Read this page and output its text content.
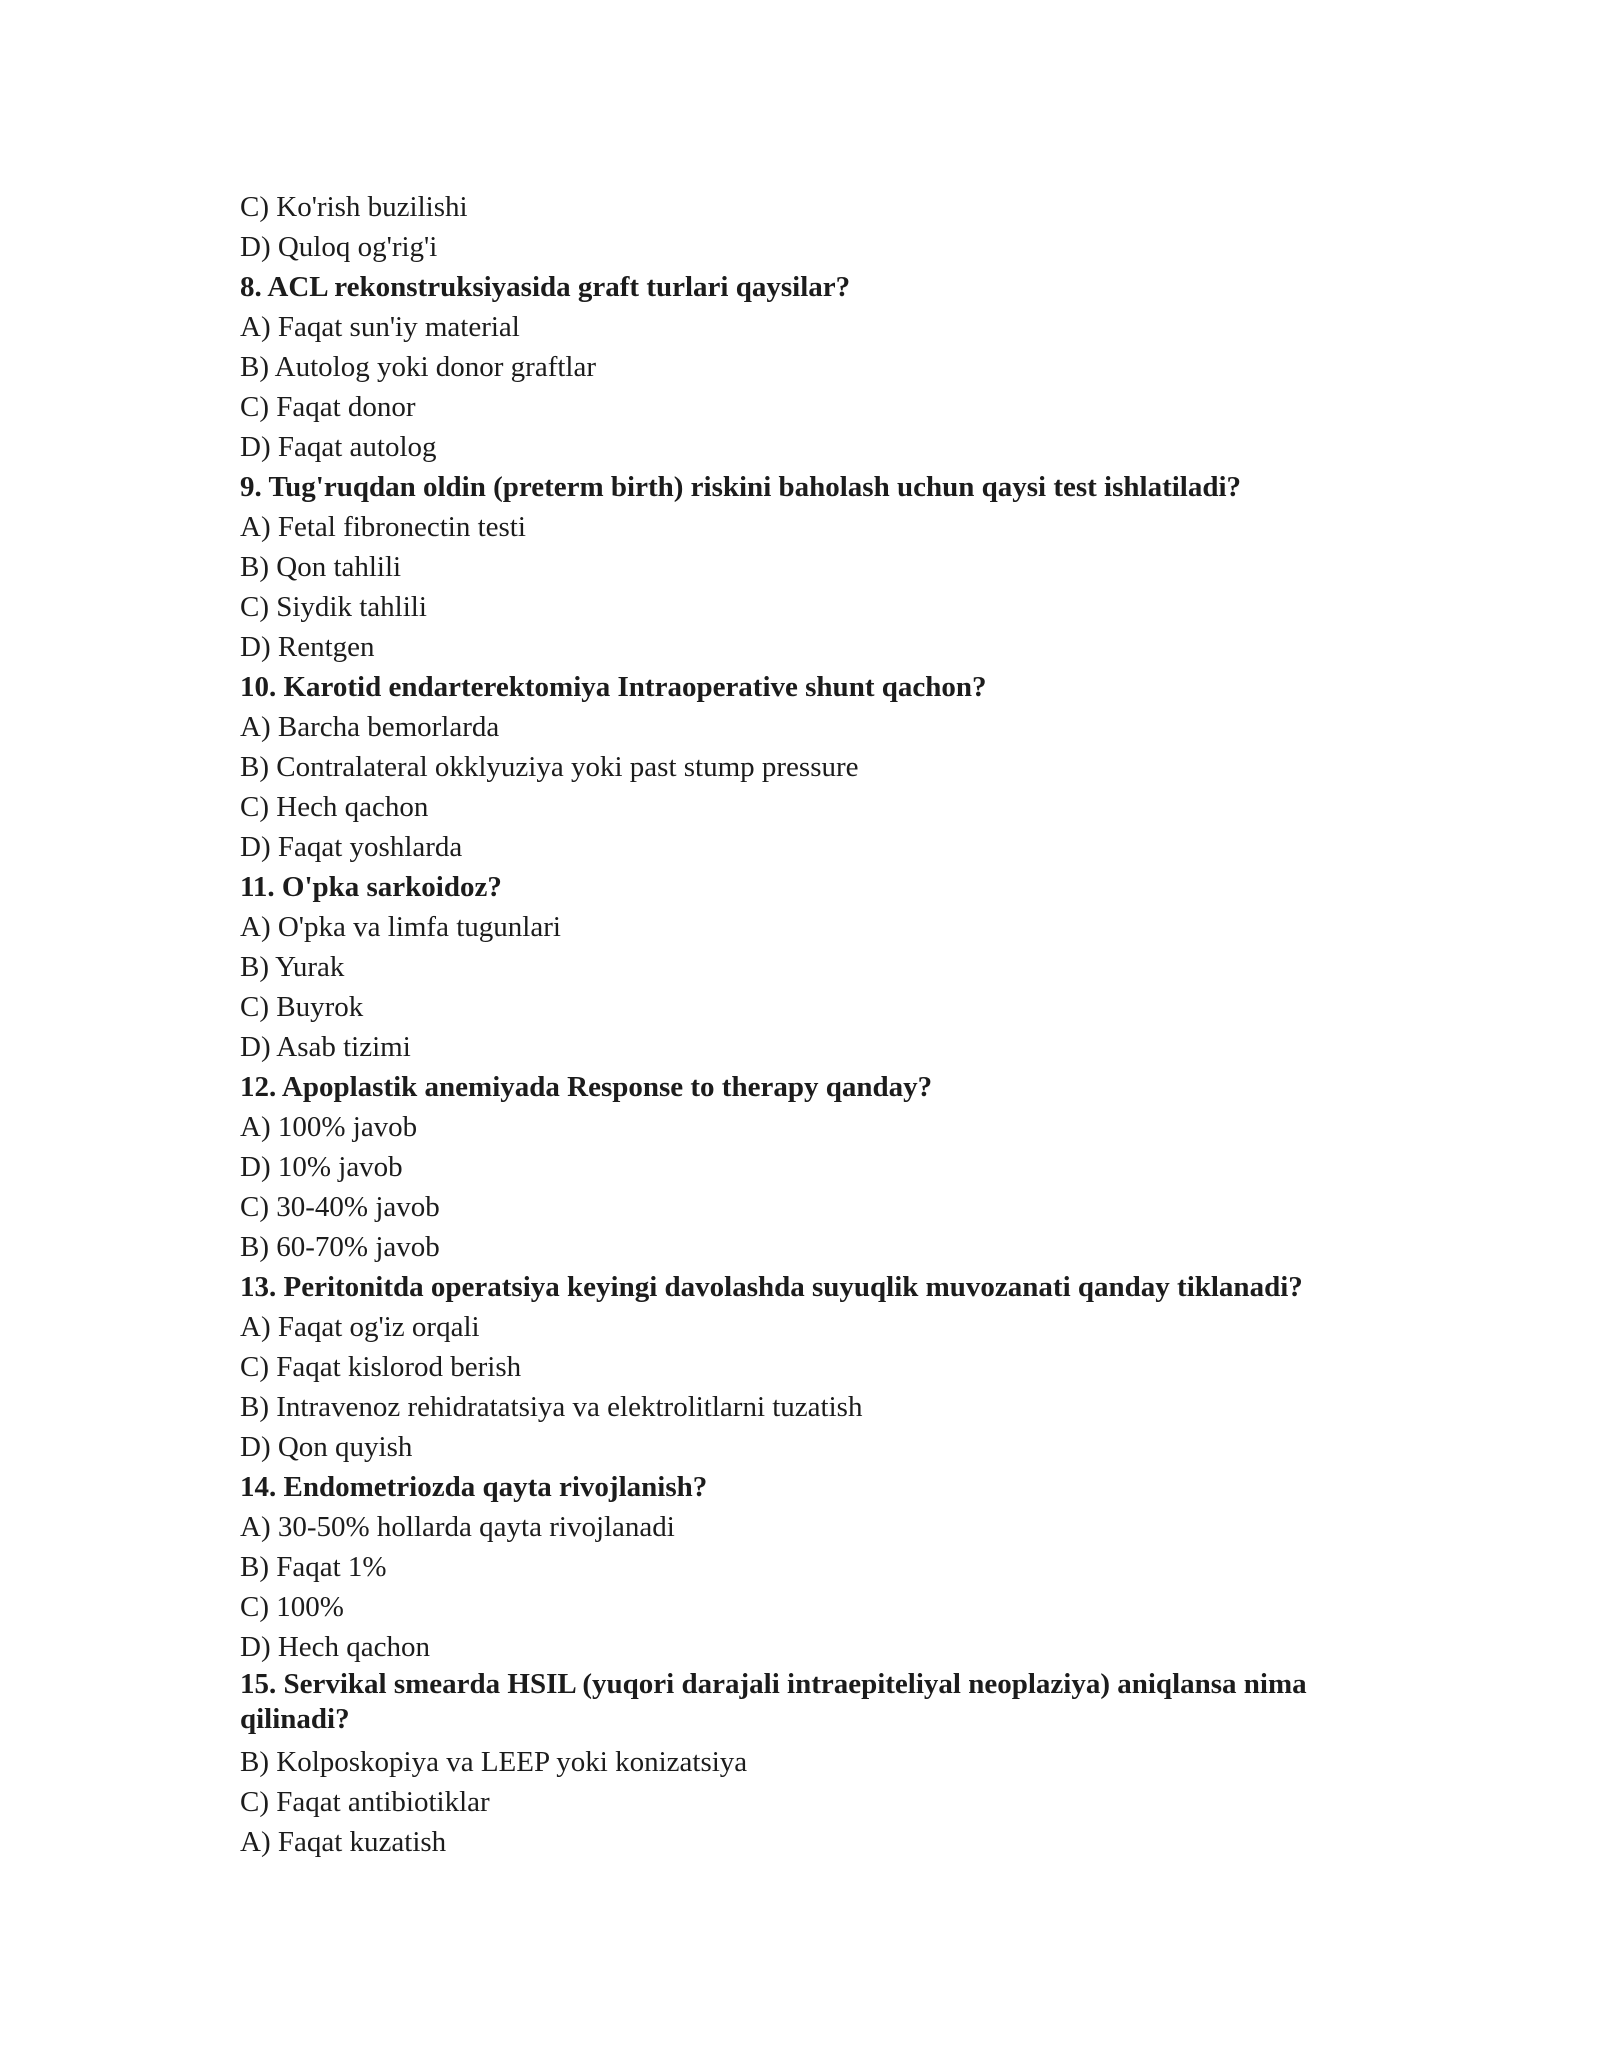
C) Ko'rish buzilishi
D) Quloq og'rig'i
8. ACL rekonstruksiyasida graft turlari qaysilar?
A) Faqat sun'iy material
B) Autolog yoki donor graftlar
C) Faqat donor
D) Faqat autolog
9. Tug'ruqdan oldin (preterm birth) riskini baholash uchun qaysi test ishlatiladi?
A) Fetal fibronectin testi
B) Qon tahlili
C) Siydik tahlili
D) Rentgen
10. Karotid endarterektomiya Intraoperative shunt qachon?
A) Barcha bemorlarda
B) Contralateral okklyuziya yoki past stump pressure
C) Hech qachon
D) Faqat yoshlarda
11. O'pka sarkoidoz?
A) O'pka va limfa tugunlari
B) Yurak
C) Buyrok
D) Asab tizimi
12. Apoplastik anemiyada Response to therapy qanday?
A) 100% javob
D) 10% javob
C) 30-40% javob
B) 60-70% javob
13. Peritonitda operatsiya keyingi davolashda suyuqlik muvozanati qanday tiklanadi?
A) Faqat og'iz orqali
C) Faqat kislorod berish
B) Intravenoz rehidratatsiya va elektrolitlarni tuzatish
D) Qon quyish
14. Endometriozda qayta rivojlanish?
A) 30-50% hollarda qayta rivojlanadi
B) Faqat 1%
C) 100%
D) Hech qachon
15. Servikal smearda HSIL (yuqori darajali intraepiteliyal neoplaziya) aniqlansa nima qilinadi?
B) Kolposkopiya va LEEP yoki konizatsiya
C) Faqat antibiotiklar
A) Faqat kuzatish
